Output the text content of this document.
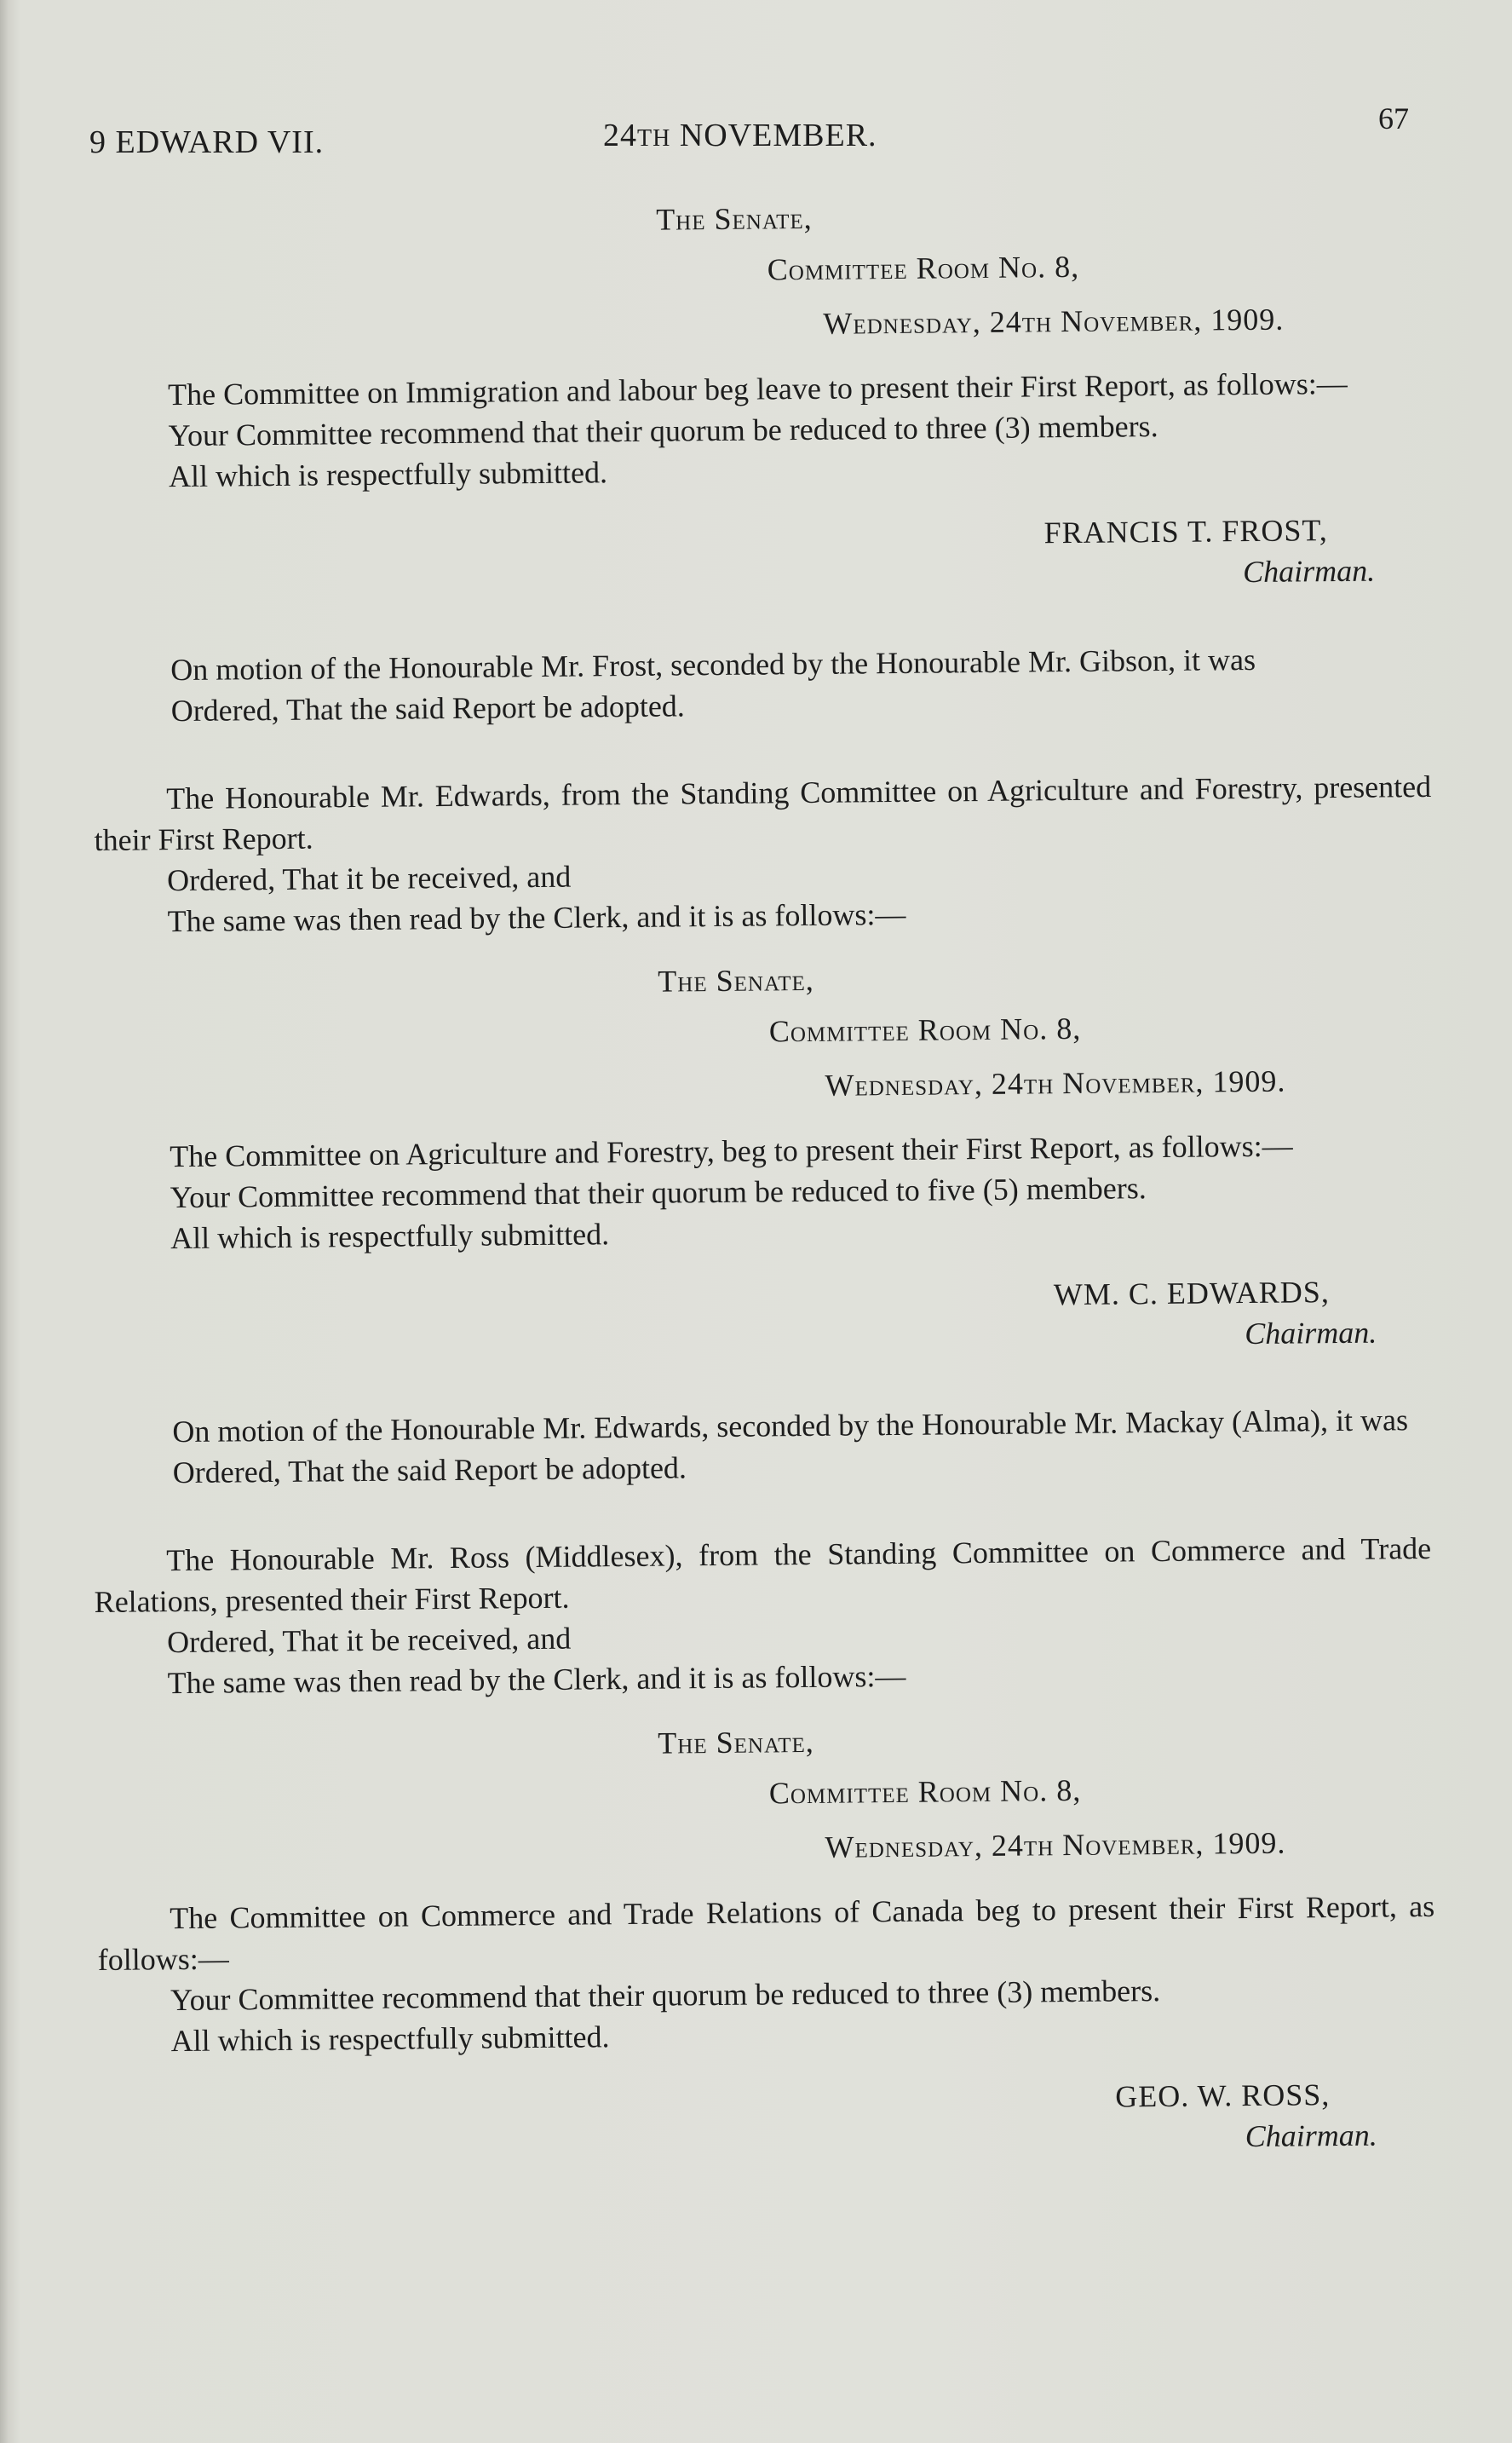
9 EDWARD VII.	24TH NOVEMBER.	67
The Senate,
Committee Room No. 8,
Wednesday, 24th November, 1909.

The Committee on Immigration and labour beg leave to present their First Report, as follows:—

Your Committee recommend that their quorum be reduced to three (3) members.

All which is respectfully submitted.

FRANCIS T. FROST,
Chairman.

On motion of the Honourable Mr. Frost, seconded by the Honourable Mr. Gibson, it was

Ordered, That the said Report be adopted.

The Honourable Mr. Edwards, from the Standing Committee on Agriculture and Forestry, presented their First Report.

Ordered, That it be received, and

The same was then read by the Clerk, and it is as follows:—

The Senate,
Committee Room No. 8,
Wednesday, 24th November, 1909.

The Committee on Agriculture and Forestry, beg to present their First Report, as follows:—

Your Committee recommend that their quorum be reduced to five (5) members.

All which is respectfully submitted.

WM. C. EDWARDS,
Chairman.

On motion of the Honourable Mr. Edwards, seconded by the Honourable Mr. Mackay (Alma), it was

Ordered, That the said Report be adopted.

The Honourable Mr. Ross (Middlesex), from the Standing Committee on Commerce and Trade Relations, presented their First Report.

Ordered, That it be received, and

The same was then read by the Clerk, and it is as follows:—

The Senate,
Committee Room No. 8,
Wednesday, 24th November, 1909.

The Committee on Commerce and Trade Relations of Canada beg to present their First Report, as follows:—

Your Committee recommend that their quorum be reduced to three (3) members.

All which is respectfully submitted.

GEO. W. ROSS,
Chairman.
